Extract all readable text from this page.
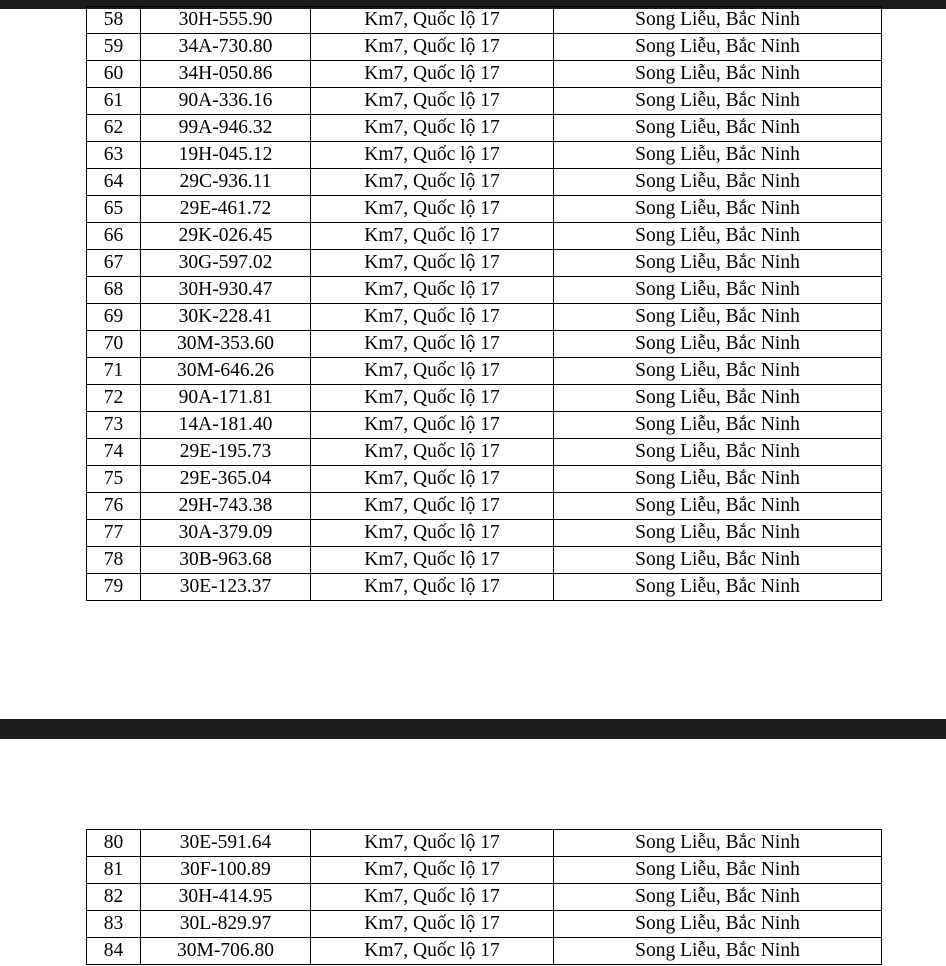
58	30H-555.90	Km7, Quốc lộ 17	Song Liễu, Bắc Ninh
59	34A-730.80	Km7, Quốc lộ 17	Song Liễu, Bắc Ninh
60	34H-050.86	Km7, Quốc lộ 17	Song Liễu, Bắc Ninh
61	90A-336.16	Km7, Quốc lộ 17	Song Liễu, Bắc Ninh
62	99A-946.32	Km7, Quốc lộ 17	Song Liễu, Bắc Ninh
63	19H-045.12	Km7, Quốc lộ 17	Song Liễu, Bắc Ninh
64	29C-936.11	Km7, Quốc lộ 17	Song Liễu, Bắc Ninh
65	29E-461.72	Km7, Quốc lộ 17	Song Liễu, Bắc Ninh
66	29K-026.45	Km7, Quốc lộ 17	Song Liễu, Bắc Ninh
67	30G-597.02	Km7, Quốc lộ 17	Song Liễu, Bắc Ninh
68	30H-930.47	Km7, Quốc lộ 17	Song Liễu, Bắc Ninh
69	30K-228.41	Km7, Quốc lộ 17	Song Liễu, Bắc Ninh
70	30M-353.60	Km7, Quốc lộ 17	Song Liễu, Bắc Ninh
71	30M-646.26	Km7, Quốc lộ 17	Song Liễu, Bắc Ninh
72	90A-171.81	Km7, Quốc lộ 17	Song Liễu, Bắc Ninh
73	14A-181.40	Km7, Quốc lộ 17	Song Liễu, Bắc Ninh
74	29E-195.73	Km7, Quốc lộ 17	Song Liễu, Bắc Ninh
75	29E-365.04	Km7, Quốc lộ 17	Song Liễu, Bắc Ninh
76	29H-743.38	Km7, Quốc lộ 17	Song Liễu, Bắc Ninh
77	30A-379.09	Km7, Quốc lộ 17	Song Liễu, Bắc Ninh
78	30B-963.68	Km7, Quốc lộ 17	Song Liễu, Bắc Ninh
79	30E-123.37	Km7, Quốc lộ 17	Song Liễu, Bắc Ninh
80	30E-591.64	Km7, Quốc lộ 17	Song Liễu, Bắc Ninh
81	30F-100.89	Km7, Quốc lộ 17	Song Liễu, Bắc Ninh
82	30H-414.95	Km7, Quốc lộ 17	Song Liễu, Bắc Ninh
83	30L-829.97	Km7, Quốc lộ 17	Song Liễu, Bắc Ninh
84	30M-706.80	Km7, Quốc lộ 17	Song Liễu, Bắc Ninh
